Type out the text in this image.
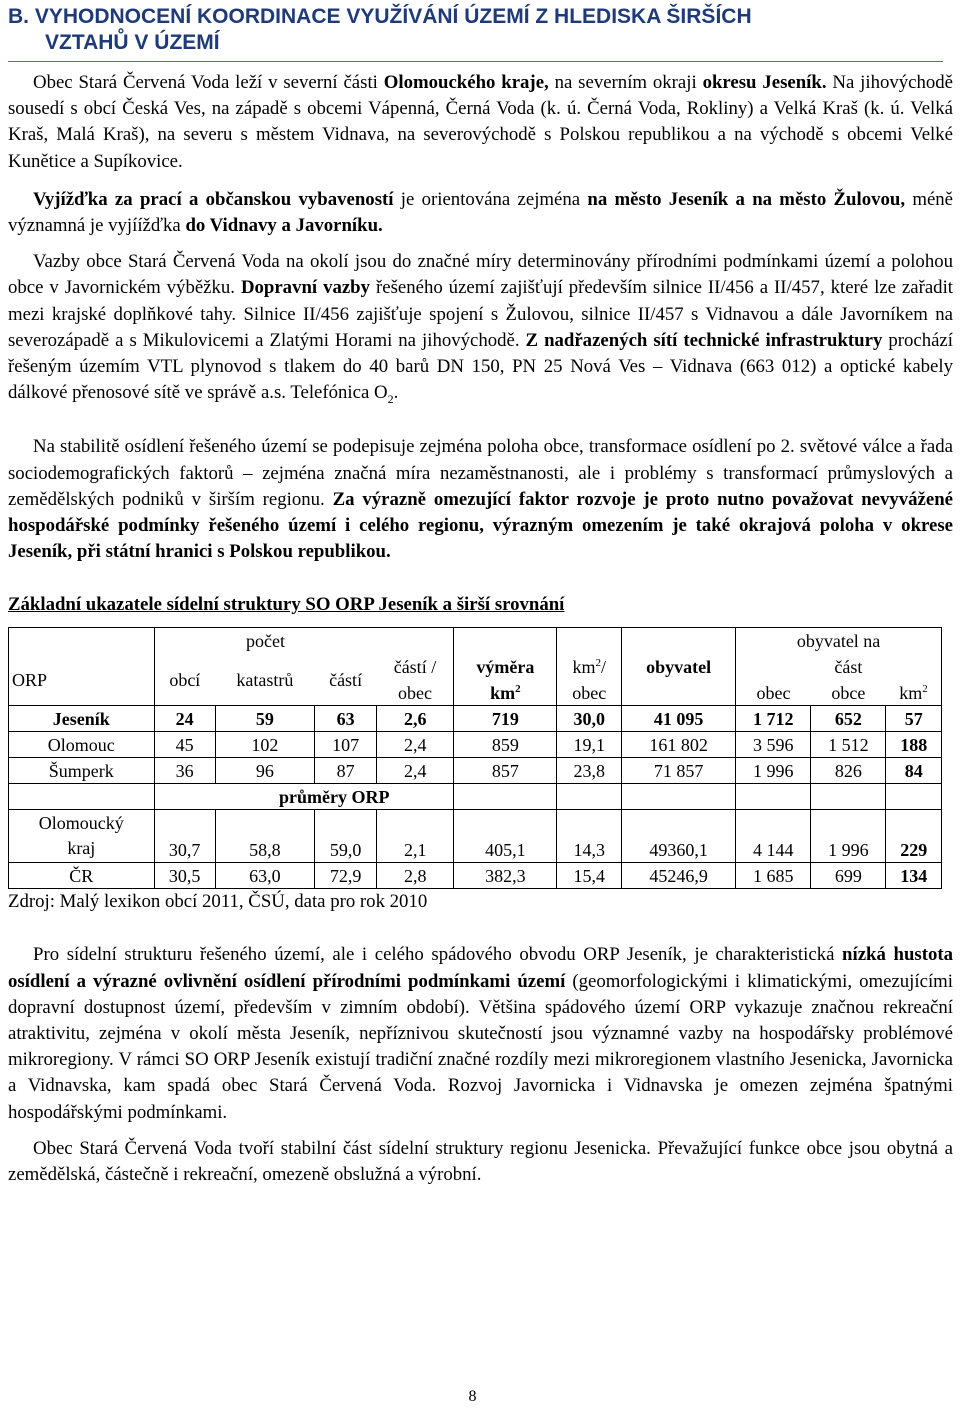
B. VYHODNOCENÍ KOORDINACE VYUŽÍVÁNÍ ÚZEMÍ Z HLEDISKA ŠIRŠÍCH
VZTAHŮ V ÚZEMÍ

Obec Stará Červená Voda leží v severní části Olomouckého kraje, na severním okraji okresu Jeseník. Na jihovýchodě sousedí s obcí Česká Ves, na západě s obcemi Vápenná, Černá Voda (k. ú. Černá Voda, Rokliny) a Velká Kraš (k. ú. Velká Kraš, Malá Kraš), na severu s městem Vidnava, na severovýchodě s Polskou republikou a na východě s obcemi Velké Kunětice a Supíkovice.

Vyjížďka za prací a občanskou vybaveností je orientována zejména na město Jeseník a na město Žulovou, méně významná je vyjíížďka do Vidnavy a Javorníku.

Vazby obce Stará Červená Voda na okolí jsou do značné míry determinovány přírodními podmínkami území a polohou obce v Javornickém výběžku. Dopravní vazby řešeného území zajišťují především silnice II/456 a II/457, které lze zařadit mezi krajské doplňkové tahy. Silnice II/456 zajišťuje spojení s Žulovou, silnice II/457 s Vidnavou a dále Javorníkem na severozápadě a s Mikulovicemi a Zlatými Horami na jihovýchodě. Z nadřazených sítí technické infrastruktury prochází řešeným územím VTL plynovod s tlakem do 40 barů DN 150, PN 25 Nová Ves – Vidnava (663 012) a optické kabely dálkové přenosové sítě ve správě a.s. Telefónica $O_2$.

Na stabilitě osídlení řešeného území se podepisuje zejména poloha obce, transformace osídlení po 2. světové válce a řada sociodemografických faktorů – zejména značná míra nezaměstnanosti, ale i problémy s transformací průmyslových a zemědělských podniků v širším regionu. Za výrazně omezující faktor rozvoje je proto nutno považovat nevyvážené hospodářské podmínky řešeného území i celého regionu, výrazným omezením je také okrajová poloha v okrese Jeseník, při státní hranici s Polskou republikou.

Základní ukazatele sídelní struktury SO ORP Jeseník a širší srovnání
	počet							obyvatel na		
ORP	obcí	katastrů	částí	částí /	výměra	$km^2/$	obyvatel	obec	část	$km^2$
				obec	$km^2$	obec			obce	
Jeseník	24	59	63	2,6	719	30,0	41 095	1 712	652	57
Olomouc	45	102	107	2,4	859	19,1	161 802	3 596	1 512	188
Šumperk	36	96	87	2,4	857	23,8	71 857	1 996	826	84
		průměry ORP								
Olomoucký
kraj	30,7	58,8	59,0	2,1	405,1	14,3	49360,1	4 144	1 996	229
ČR	30,5	63,0	72,9	2,8	382,3	15,4	45246,9	1 685	699	134
Zdroj: Malý lexikon obcí 2011, ČSÚ, data pro rok 2010

Pro sídelní strukturu řešeného území, ale i celého spádového obvodu ORP Jeseník, je charakteristická nízká hustota osídlení a výrazné ovlivnění osídlení přírodními podmínkami území (geomorfologickými i klimatickými, omezujícími dopravní dostupnost území, především v zimním období). Většina spádového území ORP vykazuje značnou rekreační atraktivitu, zejména v okolí města Jeseník, nepříznivou skutečností jsou významné vazby na hospodářsky problémové mikroregiony. V rámci SO ORP Jeseník existují tradiční značné rozdíly mezi mikroregionem vlastního Jesenicka, Javornicka a Vidnavska, kam spadá obec Stará Červená Voda. Rozvoj Javornicka i Vidnavska je omezen zejména špatnými hospodářskými podmínkami.

Obec Stará Červená Voda tvoří stabilní část sídelní struktury regionu Jesenicka. Převažující funkce obce jsou obytná a zemědělská, částečně i rekreační, omezeně obslužná a výrobní.

8
